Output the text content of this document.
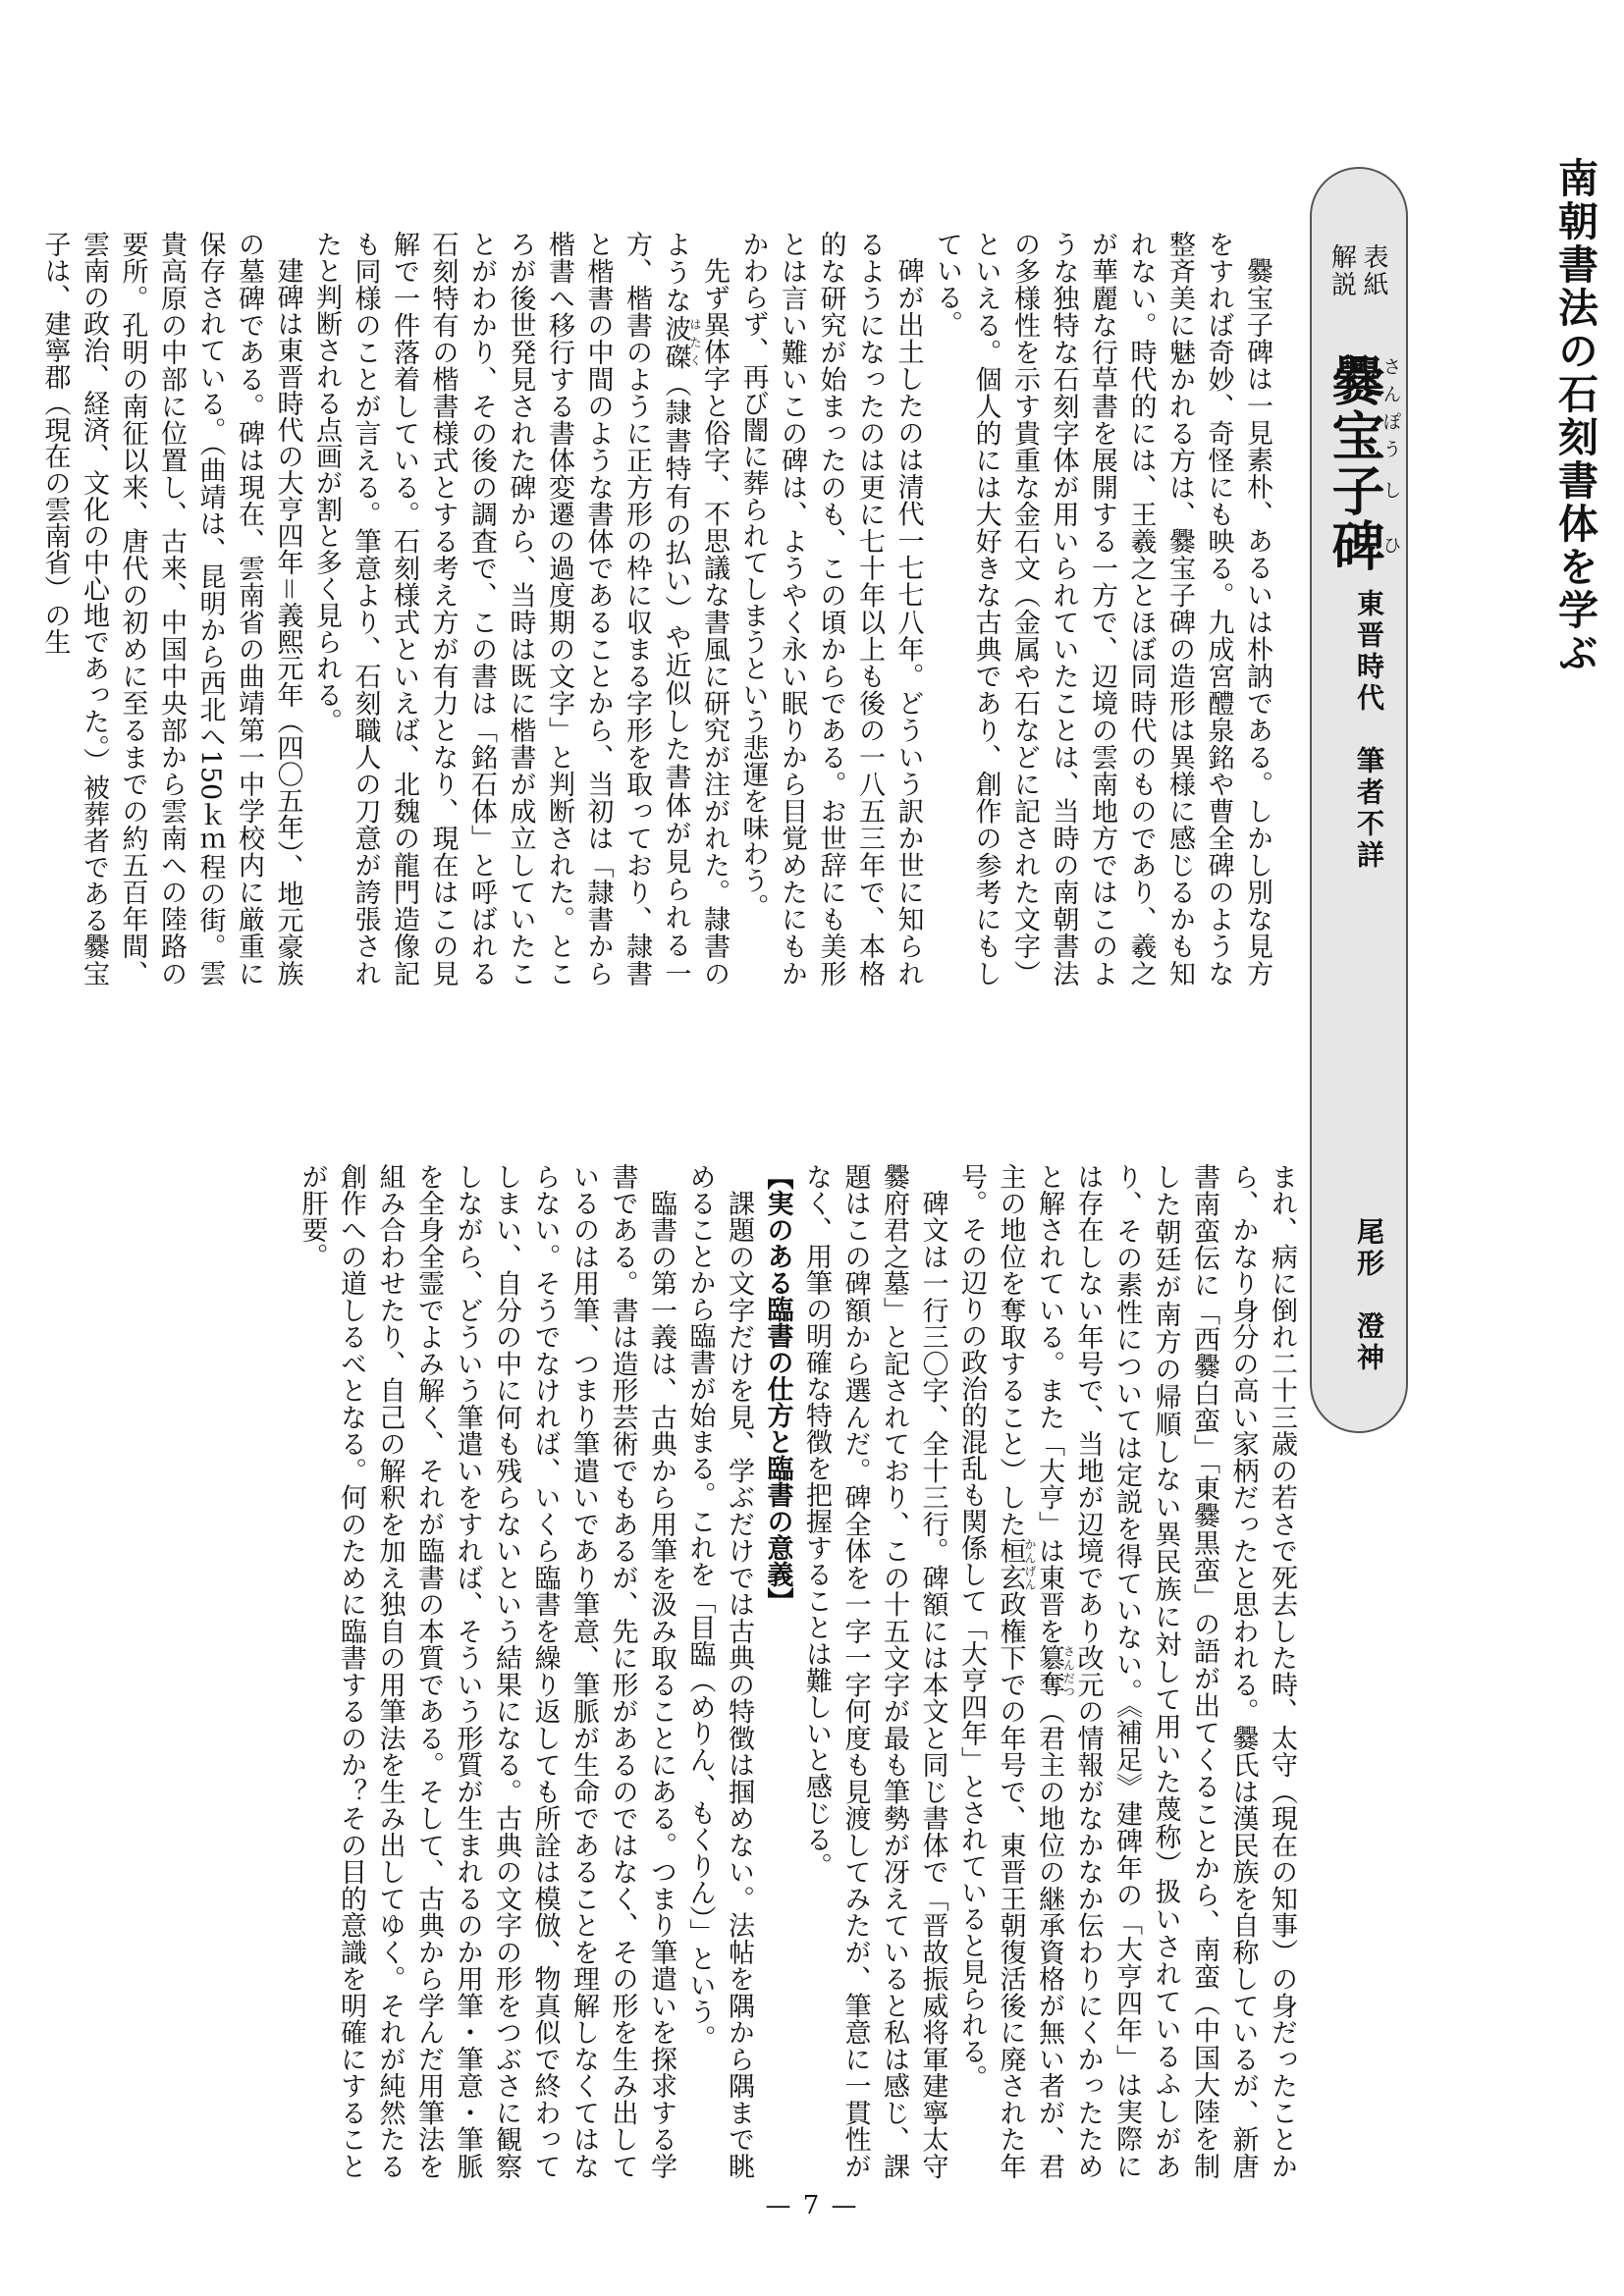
南朝書法の石刻書体を学ぶ
表紙
解説
爨さん宝ぽう子し碑ひ
東晋時代　筆者不詳
尾形　澄神

爨宝子碑は一見素朴、あるいは朴訥である。しかし別な見方をすれば奇妙、奇怪にも映る。九成宮醴泉銘や曹全碑のような整斉美に魅かれる方は、爨宝子碑の造形は異様に感じるかも知れない。時代的には、王羲之とほぼ同時代のものであり、羲之が華麗な行草書を展開する一方で、辺境の雲南地方ではこのような独特な石刻字体が用いられていたことは、当時の南朝書法の多様性を示す貴重な金石文（金属や石などに記された文字）といえる。個人的には大好きな古典であり、創作の参考にもしている。

碑が出土したのは清代一七七八年。どういう訳か世に知られるようになったのは更に七十年以上も後の一八五三年で、本格的な研究が始まったのも、この頃からである。お世辞にも美形とは言い難いこの碑は、ようやく永い眠りから目覚めたにもかかわらず、再び闇に葬られてしまうという悲運を味わう。

先ず異体字と俗字、不思議な書風に研究が注がれた。隷書のような波磔はたく（隷書特有の払い）や近似した書体が見られる一方、楷書のように正方形の枠に収まる字形を取っており、隷書と楷書の中間のような書体であることから、当初は「隷書から楷書へ移行する書体変遷の過度期の文字」と判断された。ところが後世発見された碑から、当時は既に楷書が成立していたことがわかり、その後の調査で、この書は「銘石体」と呼ばれる石刻特有の楷書様式とする考え方が有力となり、現在はこの見解で一件落着している。石刻様式といえば、北魏の龍門造像記も同様のことが言える。筆意より、石刻職人の刀意が誇張されたと判断される点画が割と多く見られる。

建碑は東晋時代の大亨四年＝義熙元年（四〇五年）、地元豪族の墓碑である。碑は現在、雲南省の曲靖第一中学校内に厳重に保存されている。（曲靖は、昆明から西北へ150ｋｍ程の街。雲貴高原の中部に位置し、古来、中国中央部から雲南への陸路の要所。孔明の南征以来、唐代の初めに至るまでの約五百年間、雲南の政治、経済、文化の中心地であった。）被葬者である爨宝子は、建寧郡（現在の雲南省）の生

まれ、病に倒れ二十三歳の若さで死去した時、太守（現在の知事）の身だったことから、かなり身分の高い家柄だったと思われる。爨氏は漢民族を自称しているが、新唐書南蛮伝に「西爨白蛮」「東爨黒蛮」の語が出てくることから、南蛮（中国大陸を制した朝廷が南方の帰順しない異民族に対して用いた蔑称）扱いされているふしがあり、その素性については定説を得ていない。《補足》建碑年の「大亨四年」は実際には存在しない年号で、当地が辺境であり改元の情報がなかなか伝わりにくかったため と解されている。また「大亨」は東晋を簒奪さんだつ（君主の地位の継承資格が無い者が、君主の地位を奪取すること）した桓玄かんげん政権下での年号で、東晋王朝復活後に廃された年号。その辺りの政治的混乱も関係して「大亨四年」とされていると見られる。

碑文は一行三〇字、全十三行。碑額には本文と同じ書体で「晋故振威将軍建寧太守爨府君之墓」と記されており、この十五文字が最も筆勢が冴えていると私は感じ、課題はこの碑額から選んだ。碑全体を一字一字何度も見渡してみたが、筆意に一貫性がなく、用筆の明確な特徴を把握することは難しいと感じる。

【実のある臨書の仕方と臨書の意義】

課題の文字だけを見、学ぶだけでは古典の特徴は掴めない。法帖を隅から隅まで眺めることから臨書が始まる。これを「目臨（めりん、もくりん）」という。

臨書の第一義は、古典から用筆を汲み取ることにある。つまり筆遣いを探求する学書である。書は造形芸術でもあるが、先に形があるのではなく、その形を生み出しているのは用筆、つまり筆遣いであり筆意、筆脈が生命であることを理解しなくてはならない。そうでなければ、いくら臨書を繰り返しても所詮は模倣、物真似で終わってしまい、自分の中に何も残らないという結果になる。古典の文字の形をつぶさに観察しながら、どういう筆遣いをすれば、そういう形質が生まれるのか用筆・筆意・筆脈を全身全霊でよみ解く、それが臨書の本質である。そして、古典から学んだ用筆法を組み合わせたり、自己の解釈を加え独自の用筆法を生み出してゆく。それが純然たる創作への道しるべとなる。何のために臨書するのか？その目的意識を明確にすることが肝要。

— 7 —
